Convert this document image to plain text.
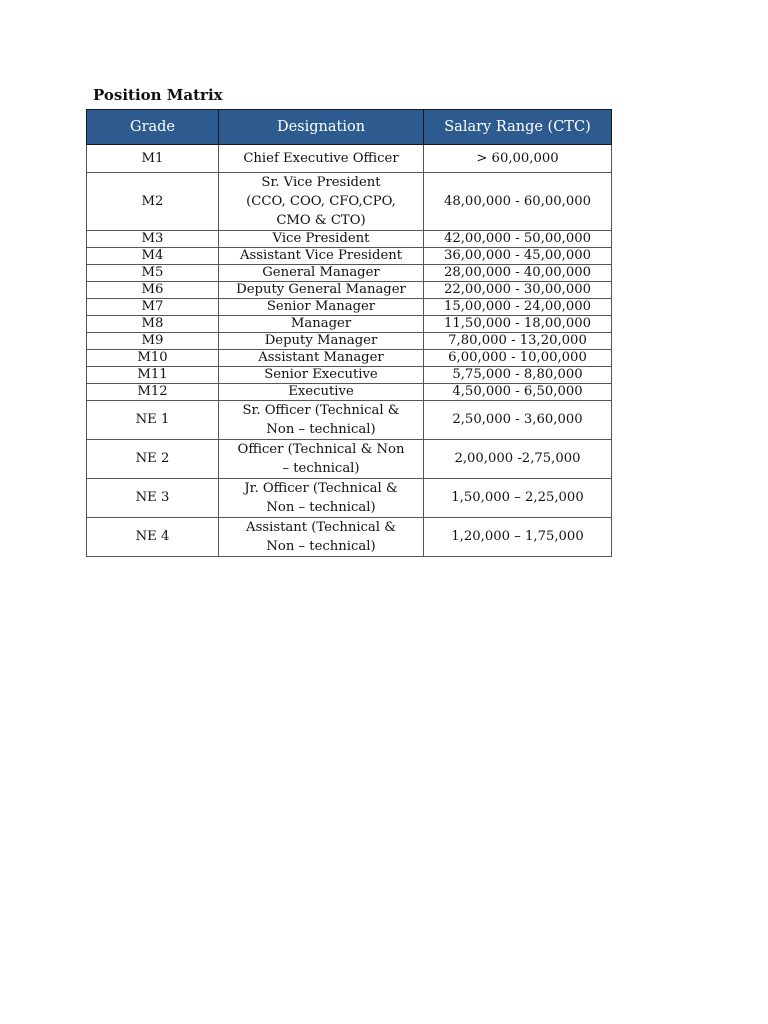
Position Matrix
Grade	Designation	Salary Range (CTC)
M1	Chief Executive Officer	> 60,00,000
M2	Sr. Vice President
(CCO, COO, CFO,CPO,
CMO & CTO)	48,00,000 - 60,00,000
M3	Vice President	42,00,000 - 50,00,000
M4	Assistant Vice President	36,00,000 - 45,00,000
M5	General Manager	28,00,000 - 40,00,000
M6	Deputy General Manager	22,00,000 - 30,00,000
M7	Senior Manager	15,00,000 - 24,00,000
M8	Manager	11,50,000 - 18,00,000
M9	Deputy Manager	7,80,000 - 13,20,000
M10	Assistant Manager	6,00,000 - 10,00,000
M11	Senior Executive	5,75,000 - 8,80,000
M12	Executive	4,50,000 - 6,50,000
NE 1	Sr. Officer (Technical &
Non – technical)	2,50,000 - 3,60,000
NE 2	Officer (Technical & Non
– technical)	2,00,000 -2,75,000
NE 3	Jr. Officer (Technical &
Non – technical)	1,50,000 – 2,25,000
NE 4	Assistant (Technical &
Non – technical)	1,20,000 – 1,75,000
